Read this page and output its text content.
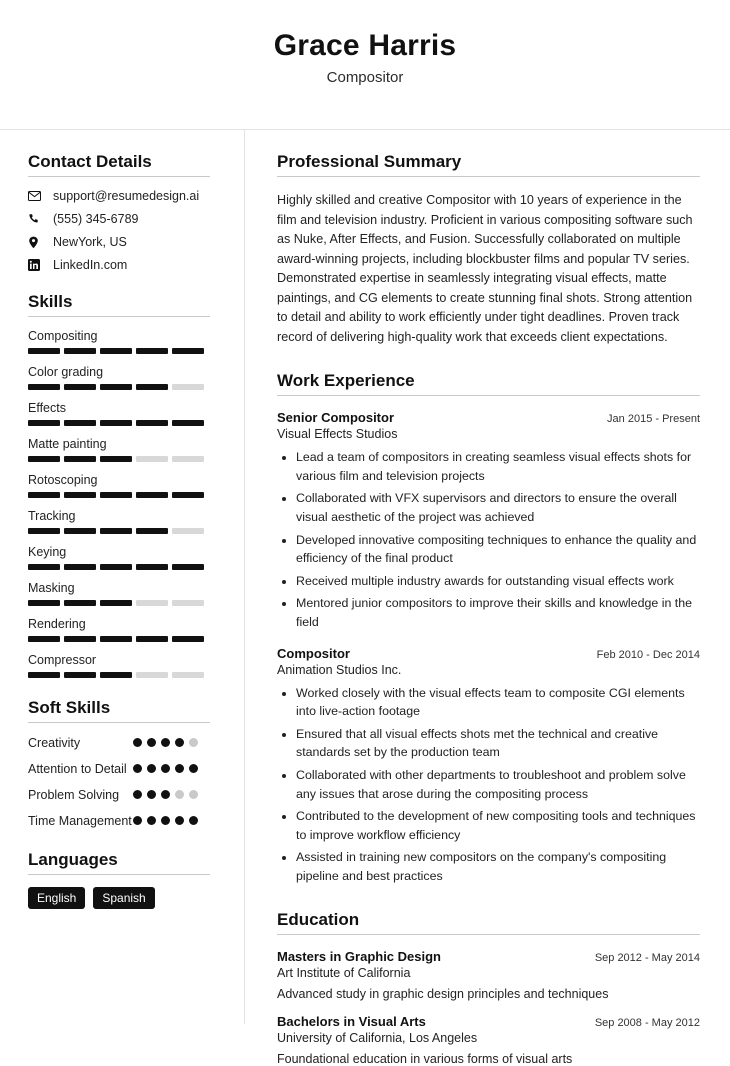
Grace Harris
Compositor
Contact Details
support@resumedesign.ai
(555) 345-6789
NewYork, US
LinkedIn.com
Skills
Compositing
Color grading
Effects
Matte painting
Rotoscoping
Tracking
Keying
Masking
Rendering
Compressor
Soft Skills
Creativity
Attention to Detail
Problem Solving
Time Management
Languages
English	Spanish
Professional Summary

Highly skilled and creative Compositor with 10 years of experience in the film and television industry. Proficient in various compositing software such as Nuke, After Effects, and Fusion. Successfully collaborated on multiple award-winning projects, including blockbuster films and popular TV series. Demonstrated expertise in seamlessly integrating visual effects, matte paintings, and CG elements to create stunning final shots. Strong attention to detail and ability to work efficiently under tight deadlines. Proven track record of delivering high-quality work that exceeds client expectations.

Work Experience
Senior Compositor	Jan 2015 - Present
Visual Effects Studios
• Lead a team of compositors in creating seamless visual effects shots for various film and television projects
• Collaborated with VFX supervisors and directors to ensure the overall visual aesthetic of the project was achieved
• Developed innovative compositing techniques to enhance the quality and efficiency of the final product
• Received multiple industry awards for outstanding visual effects work
• Mentored junior compositors to improve their skills and knowledge in the field
Compositor	Feb 2010 - Dec 2014
Animation Studios Inc.
• Worked closely with the visual effects team to composite CGI elements into live-action footage
• Ensured that all visual effects shots met the technical and creative standards set by the production team
• Collaborated with other departments to troubleshoot and problem solve any issues that arose during the compositing process
• Contributed to the development of new compositing tools and techniques to improve workflow efficiency
• Assisted in training new compositors on the company's compositing pipeline and best practices
Education
Masters in Graphic Design	Sep 2012 - May 2014
Art Institute of California
Advanced study in graphic design principles and techniques
Bachelors in Visual Arts	Sep 2008 - May 2012
University of California, Los Angeles
Foundational education in various forms of visual arts
